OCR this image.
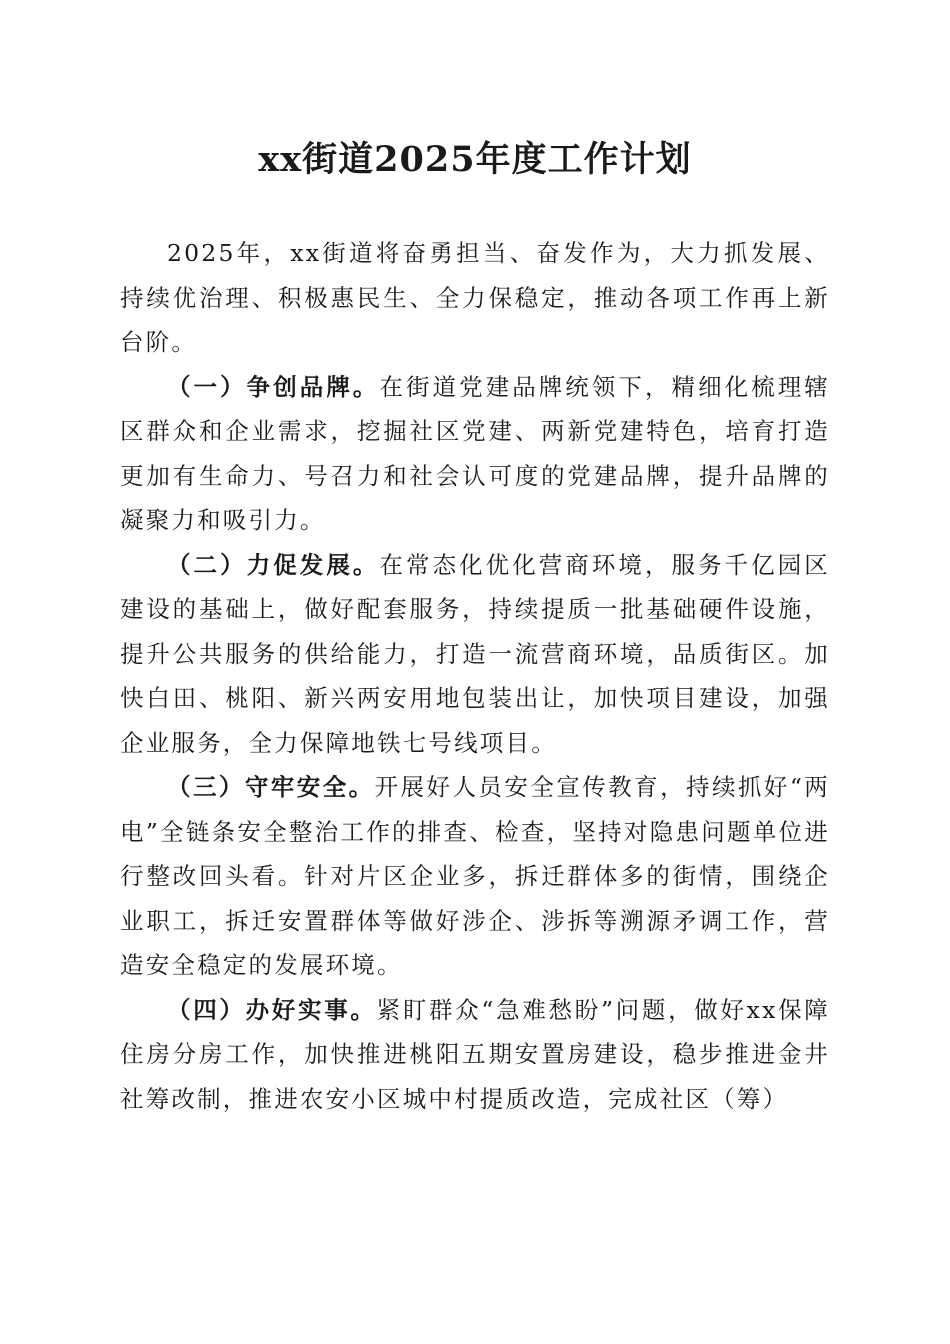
xx街道2025年度工作计划

2025年，xx街道将奋勇担当、奋发作为，大力抓发展、持续优治理、积极惠民生、全力保稳定，推动各项工作再上新台阶。

（一）争创品牌。在街道党建品牌统领下，精细化梳理辖区群众和企业需求，挖掘社区党建、两新党建特色，培育打造更加有生命力、号召力和社会认可度的党建品牌，提升品牌的凝聚力和吸引力。

（二）力促发展。在常态化优化营商环境，服务千亿园区建设的基础上，做好配套服务，持续提质一批基础硬件设施，提升公共服务的供给能力，打造一流营商环境，品质街区。加快白田、桃阳、新兴两安用地包装出让，加快项目建设，加强企业服务，全力保障地铁七号线项目。

（三）守牢安全。开展好人员安全宣传教育，持续抓好“两电”全链条安全整治工作的排查、检查，坚持对隐患问题单位进行整改回头看。针对片区企业多，拆迁群体多的街情，围绕企业职工，拆迁安置群体等做好涉企、涉拆等溯源矛调工作，营造安全稳定的发展环境。

（四）办好实事。紧盯群众“急难愁盼”问题，做好xx保障住房分房工作，加快推进桃阳五期安置房建设，稳步推进金井社筹改制，推进农安小区城中村提质改造，完成社区（筹）
